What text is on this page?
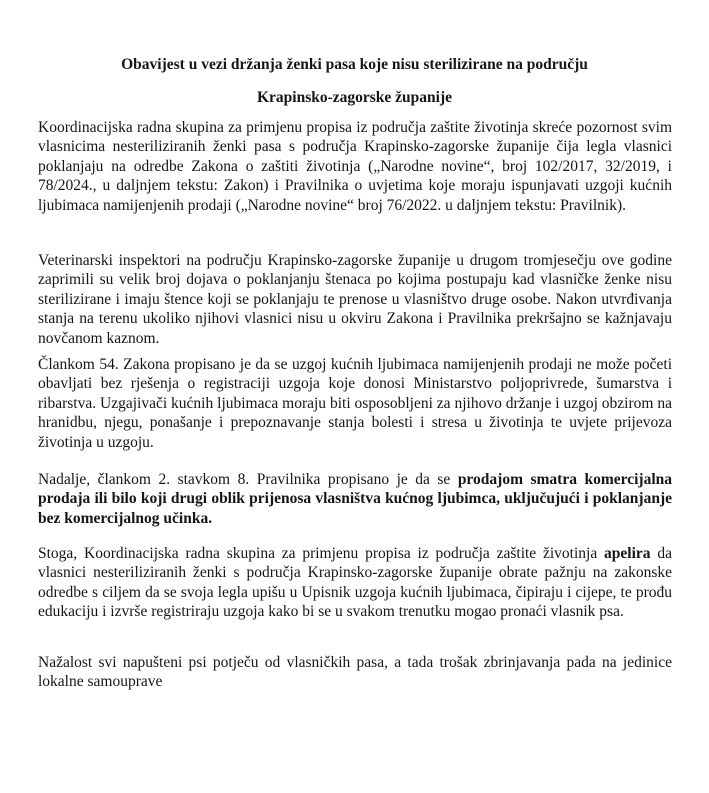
Obavijest u vezi držanja ženki pasa koje nisu sterilizirane na području
Krapinsko-zagorske županije

Koordinacijska radna skupina za primjenu propisa iz područja zaštite životinja skreće pozornost svim vlasnicima nesteriliziranih ženki pasa s područja Krapinsko-zagorske županije čija legla vlasnici poklanjaju na odredbe Zakona o zaštiti životinja („Narodne novine“, broj 102/2017, 32/2019, i 78/2024., u daljnjem tekstu: Zakon) i Pravilnika o uvjetima koje moraju ispunjavati uzgoji kućnih ljubimaca namijenjenih prodaji („Narodne novine“ broj 76/2022. u daljnjem tekstu: Pravilnik).

Veterinarski inspektori na području Krapinsko-zagorske županije u drugom tromjesečju ove godine zaprimili su velik broj dojava o poklanjanju štenaca po kojima postupaju kad vlasničke ženke nisu sterilizirane i imaju štence koji se poklanjaju te prenose u vlasništvo druge osobe. Nakon utvrđivanja stanja na terenu ukoliko njihovi vlasnici nisu u okviru Zakona i Pravilnika prekršajno se kažnjavaju novčanom kaznom.

Člankom 54. Zakona propisano je da se uzgoj kućnih ljubimaca namijenjenih prodaji ne može početi obavljati bez rješenja o registraciji uzgoja koje donosi Ministarstvo poljoprivrede, šumarstva i ribarstva. Uzgajivači kućnih ljubimaca moraju biti osposobljeni za njihovo držanje i uzgoj obzirom na hranidbu, njegu, ponašanje i prepoznavanje stanja bolesti i stresa u životinja te uvjete prijevoza životinja u uzgoju.

Nadalje, člankom 2. stavkom 8. Pravilnika propisano je da se prodajom smatra komercijalna prodaja ili bilo koji drugi oblik prijenosa vlasništva kućnog ljubimca, uključujući i poklanjanje bez komercijalnog učinka.

Stoga, Koordinacijska radna skupina za primjenu propisa iz područja zaštite životinja apelira da vlasnici nesteriliziranih ženki s područja Krapinsko-zagorske županije obrate pažnju na zakonske odredbe s ciljem da se svoja legla upišu u Upisnik uzgoja kućnih ljubimaca, čipiraju i cijepe, te prođu edukaciju i izvrše registriraju uzgoja kako bi se u svakom trenutku mogao pronaći vlasnik psa.

Nažalost svi napušteni psi potječu od vlasničkih pasa, a tada trošak zbrinjavanja pada na jedinice lokalne samouprave
